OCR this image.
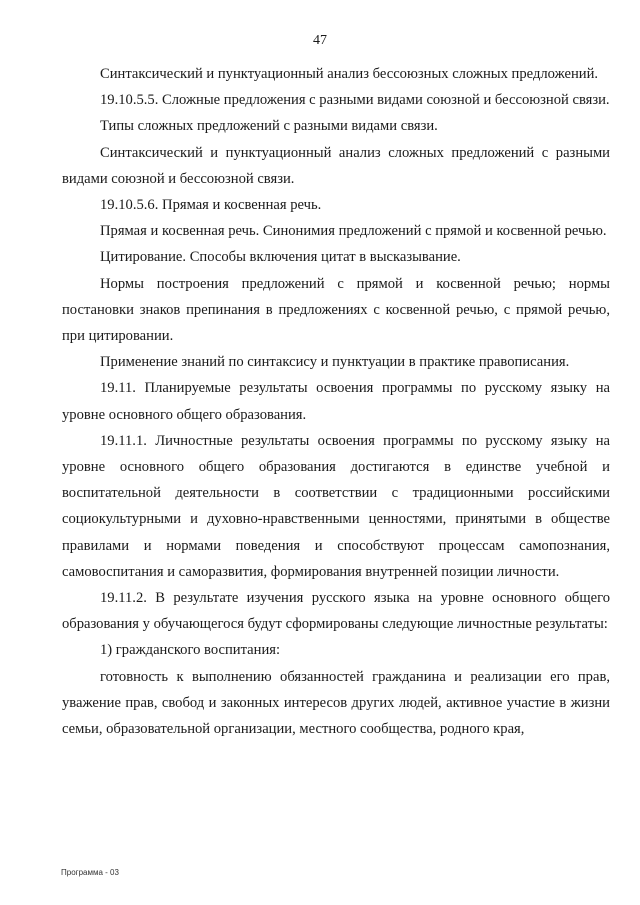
47

Синтаксический и пунктуационный анализ бессоюзных сложных предложений.

19.10.5.5. Сложные предложения с разными видами союзной и бессоюзной связи.

Типы сложных предложений с разными видами связи.

Синтаксический и пунктуационный анализ сложных предложений с разными видами союзной и бессоюзной связи.

19.10.5.6. Прямая и косвенная речь.

Прямая и косвенная речь. Синонимия предложений с прямой и косвенной речью.

Цитирование. Способы включения цитат в высказывание.

Нормы построения предложений с прямой и косвенной речью; нормы постановки знаков препинания в предложениях с косвенной речью, с прямой речью, при цитировании.

Применение знаний по синтаксису и пунктуации в практике правописания.

19.11. Планируемые результаты освоения программы по русскому языку на уровне основного общего образования.

19.11.1. Личностные результаты освоения программы по русскому языку на уровне основного общего образования достигаются в единстве учебной и воспитательной деятельности в соответствии с традиционными российскими социокультурными и духовно-нравственными ценностями, принятыми в обществе правилами и нормами поведения и способствуют процессам самопознания, самовоспитания и саморазвития, формирования внутренней позиции личности.

19.11.2. В результате изучения русского языка на уровне основного общего образования у обучающегося будут сформированы следующие личностные результаты:

1) гражданского воспитания:

готовность к выполнению обязанностей гражданина и реализации его прав, уважение прав, свобод и законных интересов других людей, активное участие в жизни семьи, образовательной организации, местного сообщества, родного края,

Программа - 03
